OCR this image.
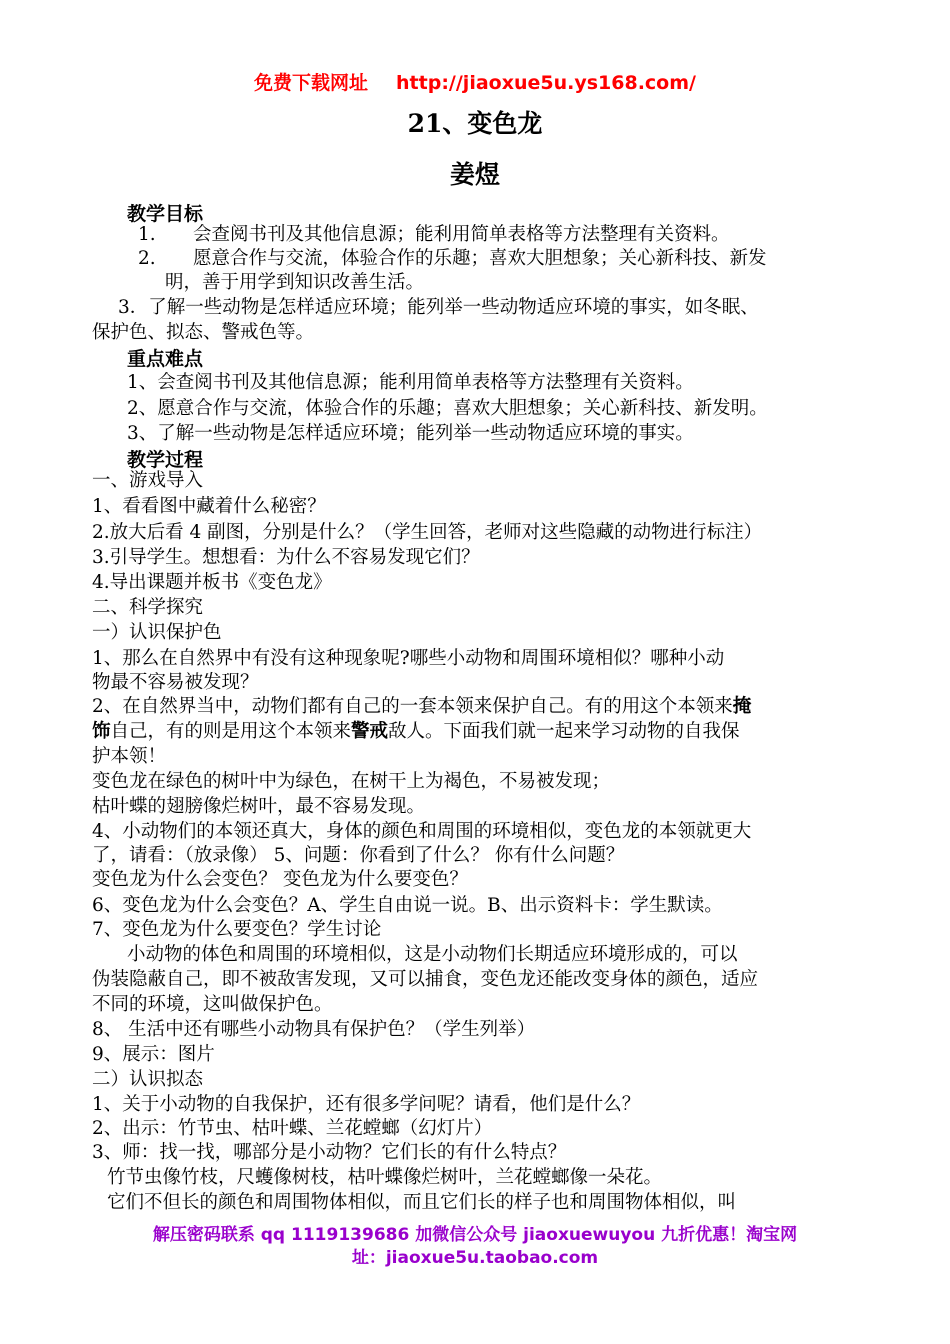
免费下载网址 http://jiaoxue5u.ys168.com/
21、变色龙
姜煜
教学目标
1. 会查阅书刊及其他信息源；能利用简单表格等方法整理有关资料。
2. 愿意合作与交流，体验合作的乐趣；喜欢大胆想象；关心新科技、新发
明，善于用学到知识改善生活。
3．了解一些动物是怎样适应环境；能列举一些动物适应环境的事实，如冬眠、
保护色、拟态、警戒色等。
重点难点
1、会查阅书刊及其他信息源；能利用简单表格等方法整理有关资料。
2、愿意合作与交流，体验合作的乐趣；喜欢大胆想象；关心新科技、新发明。
3、了解一些动物是怎样适应环境；能列举一些动物适应环境的事实。
教学过程
一、游戏导入
1、看看图中藏着什么秘密？
2.放大后看 4 副图，分别是什么？（学生回答，老师对这些隐藏的动物进行标注）
3.引导学生。想想看：为什么不容易发现它们？
4.导出课题并板书《变色龙》
二、科学探究
一）认识保护色
1、那么在自然界中有没有这种现象呢?哪些小动物和周围环境相似？哪种小动
物最不容易被发现？
2、在自然界当中，动物们都有自己的一套本领来保护自己。有的用这个本领来掩
饰自己，有的则是用这个本领来警戒敌人。下面我们就一起来学习动物的自我保
护本领！
变色龙在绿色的树叶中为绿色，在树干上为褐色，不易被发现；
枯叶蝶的翅膀像烂树叶，最不容易发现。
4、小动物们的本领还真大，身体的颜色和周围的环境相似，变色龙的本领就更大
了，请看：（放录像） 5、问题：你看到了什么？ 你有什么问题？
变色龙为什么会变色？ 变色龙为什么要变色？
6、变色龙为什么会变色？A、学生自由说一说。B、出示资料卡：学生默读。
7、变色龙为什么要变色？学生讨论
小动物的体色和周围的环境相似，这是小动物们长期适应环境形成的，可以
伪装隐蔽自己，即不被敌害发现，又可以捕食，变色龙还能改变身体的颜色，适应
不同的环境，这叫做保护色。
8、 生活中还有哪些小动物具有保护色？（学生列举）
9、展示：图片
二）认识拟态
1、关于小动物的自我保护，还有很多学问呢？请看，他们是什么？
2、出示：竹节虫、枯叶蝶、兰花螳螂（幻灯片）
3、师：找一找，哪部分是小动物？它们长的有什么特点？
竹节虫像竹枝，尺蠖像树枝，枯叶蝶像烂树叶，兰花螳螂像一朵花。
它们不但长的颜色和周围物体相似，而且它们长的样子也和周围物体相似，叫
解压密码联系 qq 1119139686 加微信公众号 jiaoxuewuyou 九折优惠！淘宝网
址：jiaoxue5u.taobao.com
